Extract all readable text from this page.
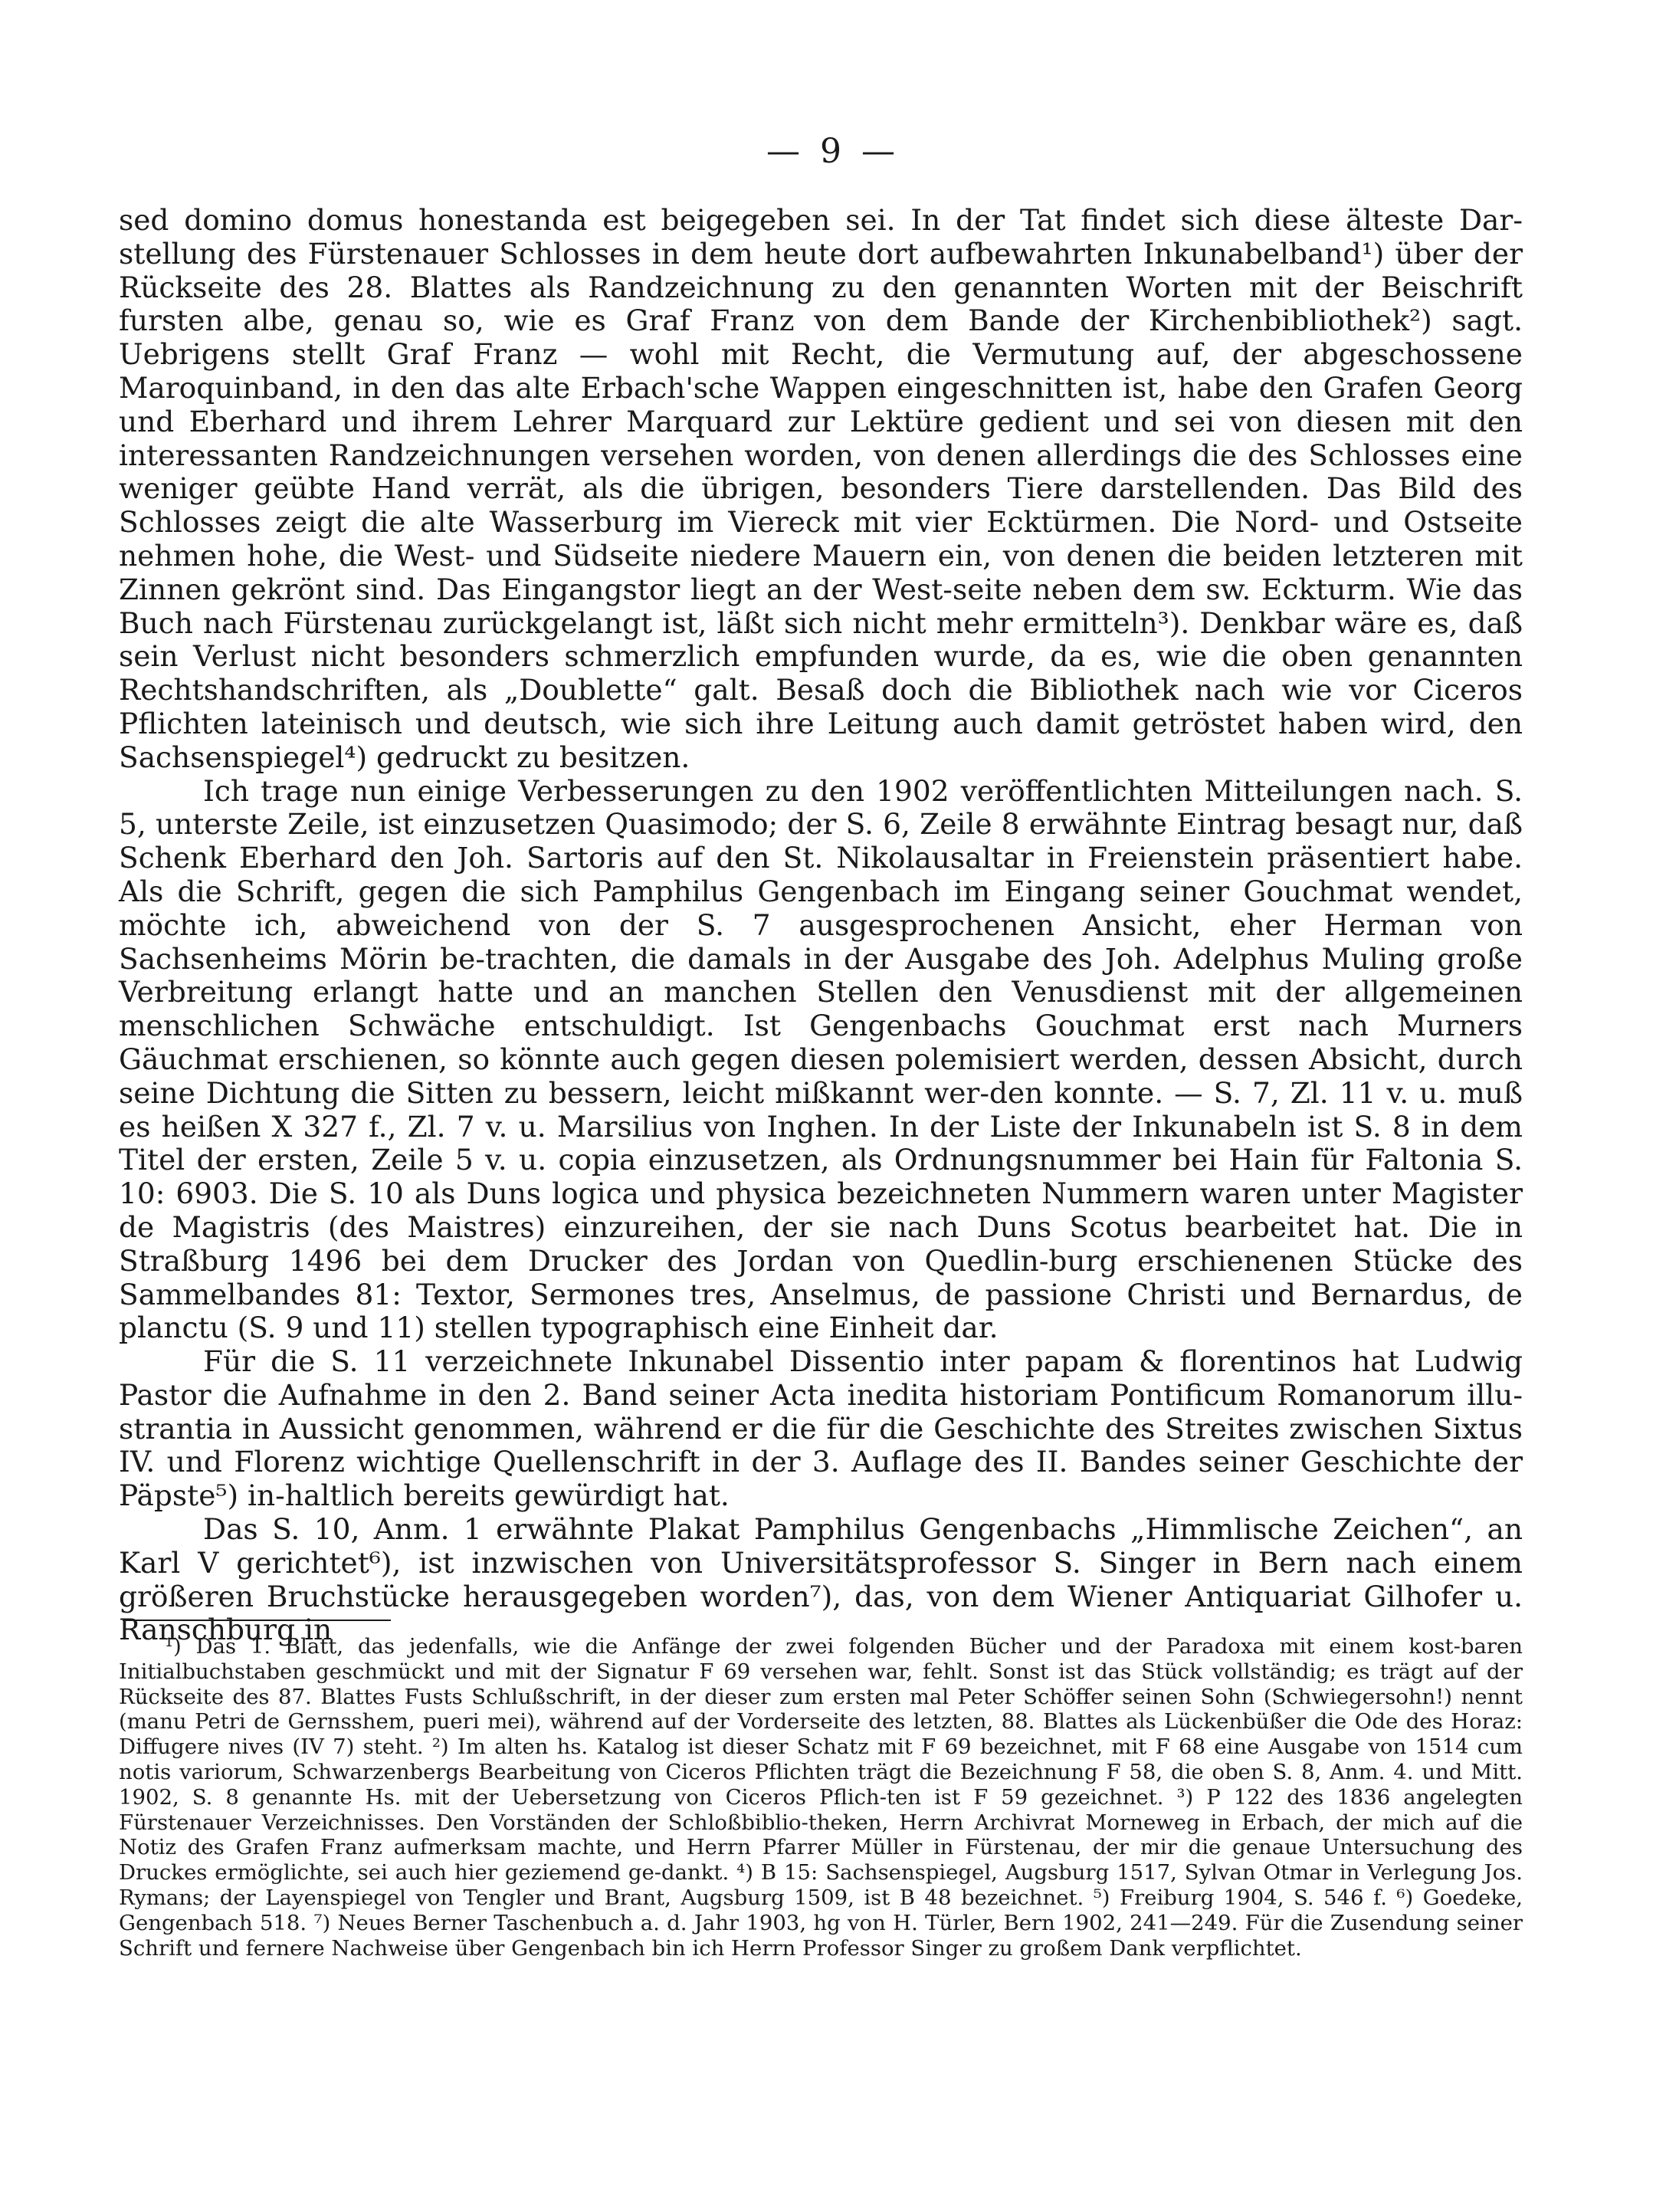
— 9 —

sed domino domus honestanda est beigegeben sei. In der Tat findet sich diese älteste Dar-stellung des Fürstenauer Schlosses in dem heute dort aufbewahrten Inkunabelband¹) über der Rückseite des 28. Blattes als Randzeichnung zu den genannten Worten mit der Beischrift fursten albe, genau so, wie es Graf Franz von dem Bande der Kirchenbibliothek²) sagt. Uebrigens stellt Graf Franz — wohl mit Recht, die Vermutung auf, der abgeschossene Maroquinband, in den das alte Erbach'sche Wappen eingeschnitten ist, habe den Grafen Georg und Eberhard und ihrem Lehrer Marquard zur Lektüre gedient und sei von diesen mit den interessanten Randzeichnungen versehen worden, von denen allerdings die des Schlosses eine weniger geübte Hand verrät, als die übrigen, besonders Tiere darstellenden. Das Bild des Schlosses zeigt die alte Wasserburg im Viereck mit vier Ecktürmen. Die Nord- und Ostseite nehmen hohe, die West- und Südseite niedere Mauern ein, von denen die beiden letzteren mit Zinnen gekrönt sind. Das Eingangstor liegt an der West-seite neben dem sw. Eckturm. Wie das Buch nach Fürstenau zurückgelangt ist, läßt sich nicht mehr ermitteln³). Denkbar wäre es, daß sein Verlust nicht besonders schmerzlich empfunden wurde, da es, wie die oben genannten Rechtshandschriften, als „Doublette“ galt. Besaß doch die Bibliothek nach wie vor Ciceros Pflichten lateinisch und deutsch, wie sich ihre Leitung auch damit getröstet haben wird, den Sachsenspiegel⁴) gedruckt zu besitzen.

Ich trage nun einige Verbesserungen zu den 1902 veröffentlichten Mitteilungen nach. S. 5, unterste Zeile, ist einzusetzen Quasimodo; der S. 6, Zeile 8 erwähnte Eintrag besagt nur, daß Schenk Eberhard den Joh. Sartoris auf den St. Nikolausaltar in Freienstein präsentiert habe. Als die Schrift, gegen die sich Pamphilus Gengenbach im Eingang seiner Gouchmat wendet, möchte ich, abweichend von der S. 7 ausgesprochenen Ansicht, eher Herman von Sachsenheims Mörin be-trachten, die damals in der Ausgabe des Joh. Adelphus Muling große Verbreitung erlangt hatte und an manchen Stellen den Venusdienst mit der allgemeinen menschlichen Schwäche entschuldigt. Ist Gengenbachs Gouchmat erst nach Murners Gäuchmat erschienen, so könnte auch gegen diesen polemisiert werden, dessen Absicht, durch seine Dichtung die Sitten zu bessern, leicht mißkannt wer-den konnte. — S. 7, Zl. 11 v. u. muß es heißen X 327 f., Zl. 7 v. u. Marsilius von Inghen. In der Liste der Inkunabeln ist S. 8 in dem Titel der ersten, Zeile 5 v. u. copia einzusetzen, als Ordnungsnummer bei Hain für Faltonia S. 10: 6903. Die S. 10 als Duns logica und physica bezeichneten Nummern waren unter Magister de Magistris (des Maistres) einzureihen, der sie nach Duns Scotus bearbeitet hat. Die in Straßburg 1496 bei dem Drucker des Jordan von Quedlin-burg erschienenen Stücke des Sammelbandes 81: Textor, Sermones tres, Anselmus, de passione Christi und Bernardus, de planctu (S. 9 und 11) stellen typographisch eine Einheit dar.

Für die S. 11 verzeichnete Inkunabel Dissentio inter papam & florentinos hat Ludwig Pastor die Aufnahme in den 2. Band seiner Acta inedita historiam Pontificum Romanorum illu-strantia in Aussicht genommen, während er die für die Geschichte des Streites zwischen Sixtus IV. und Florenz wichtige Quellenschrift in der 3. Auflage des II. Bandes seiner Geschichte der Päpste⁵) in-haltlich bereits gewürdigt hat.

Das S. 10, Anm. 1 erwähnte Plakat Pamphilus Gengenbachs „Himmlische Zeichen“, an Karl V gerichtet⁶), ist inzwischen von Universitätsprofessor S. Singer in Bern nach einem größeren Bruchstücke herausgegeben worden⁷), das, von dem Wiener Antiquariat Gilhofer u. Ranschburg in

¹) Das 1. Blatt, das jedenfalls, wie die Anfänge der zwei folgenden Bücher und der Paradoxa mit einem kost-baren Initialbuchstaben geschmückt und mit der Signatur F 69 versehen war, fehlt. Sonst ist das Stück vollständig; es trägt auf der Rückseite des 87. Blattes Fusts Schlußschrift, in der dieser zum ersten mal Peter Schöffer seinen Sohn (Schwiegersohn!) nennt (manu Petri de Gernsshem, pueri mei), während auf der Vorderseite des letzten, 88. Blattes als Lückenbüßer die Ode des Horaz: Diffugere nives (IV 7) steht. ²) Im alten hs. Katalog ist dieser Schatz mit F 69 bezeichnet, mit F 68 eine Ausgabe von 1514 cum notis variorum, Schwarzenbergs Bearbeitung von Ciceros Pflichten trägt die Bezeichnung F 58, die oben S. 8, Anm. 4. und Mitt. 1902, S. 8 genannte Hs. mit der Uebersetzung von Ciceros Pflich-ten ist F 59 gezeichnet. ³) P 122 des 1836 angelegten Fürstenauer Verzeichnisses. Den Vorständen der Schloßbiblio-theken, Herrn Archivrat Morneweg in Erbach, der mich auf die Notiz des Grafen Franz aufmerksam machte, und Herrn Pfarrer Müller in Fürstenau, der mir die genaue Untersuchung des Druckes ermöglichte, sei auch hier geziemend ge-dankt. ⁴) B 15: Sachsenspiegel, Augsburg 1517, Sylvan Otmar in Verlegung Jos. Rymans; der Layenspiegel von Tengler und Brant, Augsburg 1509, ist B 48 bezeichnet. ⁵) Freiburg 1904, S. 546 f. ⁶) Goedeke, Gengenbach 518. ⁷) Neues Berner Taschenbuch a. d. Jahr 1903, hg von H. Türler, Bern 1902, 241—249. Für die Zusendung seiner Schrift und fernere Nachweise über Gengenbach bin ich Herrn Professor Singer zu großem Dank verpflichtet.
